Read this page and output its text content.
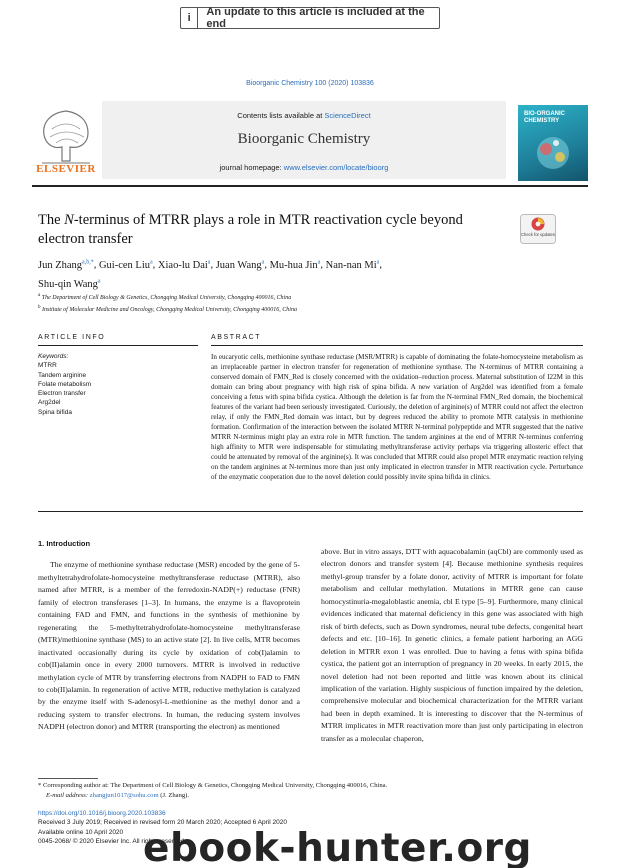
i	An update to this article is included at the end
Bioorganic Chemistry 100 (2020) 103836
ELSEVIER
Contents lists available at ScienceDirect
Bioorganic Chemistry
journal homepage: www.elsevier.com/locate/bioorg
BIO-ORGANIC CHEMISTRY
The N-terminus of MTRR plays a role in MTR reactivation cycle beyond electron transfer	Check for updates
Jun Zhang$^{a,b,*}$, Gui-cen Liu$^a$, Xiao-lu Dai$^a$, Juan Wang$^a$, Mu-hua Jin$^a$, Nan-nan Mi$^a$,
Shu-qin Wang$^a$
$^a$ The Department of Cell Biology & Genetics, Chongqing Medical University, Chongqing 400016, China
$^b$ Institute of Molecular Medicine and Oncology, Chongqing Medical University, Chongqing 400016, China
ARTICLE INFO	ABSTRACT
Keywords:
MTRR
Tandem arginine
Folate metabolism
Electron transfer
Arg2del
Spina bifida
In eucaryotic cells, methionine synthase reductase (MSR/MTRR) is capable of dominating the folate-homocysteine metabolism as an irreplaceable partner in electron transfer for regeneration of methionine synthase. The N-terminus of MTRR containing a conserved domain of FMN_Red is closely concerned with the oxidation–reduction process. Maternal substitution of I22M in this domain can bring about pregnancy with high risk of spina bifida. A new variation of Arg2del was identified from a female conceiving a fetus with spina bifida cystica. Although the deletion is far from the N-terminal FMN_Red domain, the biochemical features of the variant had been seriously investigated. Curiously, the deletion of arginine(s) of MTRR could not affect the electron relay, if only the FMN_Red domain was intact, but by degrees reduced the ability to promote MTR catalysis in methionine formation. Confirmation of the interaction between the isolated MTRR N-terminal polypeptide and MTR suggested that the native MTRR N-terminus might play an extra role in MTR function. The tandem arginines at the end of MTRR N-terminus conferring high affinity to MTR were indispensable for stimulating methyltransferase activity perhaps via triggering allosteric effect that could be attenuated by removal of the arginine(s). It was concluded that MTRR could also propel MTR enzymatic reaction relying on the tandem arginines at N-terminus more than just only implicated in electron transfer in MTR reactivation cycle. Perturbance of the enzymatic cooperation due to the novel deletion could possibly invite spina bifida in clinics.
1. Introduction
The enzyme of methionine synthase reductase (MSR) encoded by the gene of 5-methyltetrahydrofolate-homocysteine methyltransferase reductase (MTRR), also named after MTRR, is a member of the ferredoxin-NADP(+) reductase (FNR) family of electron transferases [1–3]. In humans, the enzyme is a flavoprotein containing FAD and FMN, and functions in the synthesis of methionine by regenerating the 5-methyltetrahydrofolate-homocysteine methyltransferase (MTR)/methionine synthase (MS) to an active state [2]. In live cells, MTR becomes inactivated occasionally during its cycle by oxidation of cob(I)alamin to cob(II)alamin once in every 2000 turnovers. MTRR is involved in reductive methylation cycle of MTR by transferring electrons from NADPH to FAD to FMN to cob(II)alamin. In regeneration of active MTR, reductive methylation is catalyzed by the enzyme itself with S-adenosyl-L-methionine as the methyl donor and a reducing system to transfer electrons. In human, the reducing system involves NADPH (electron donor) and MTRR (transporting the electron) as mentioned
above. But in vitro assays, DTT with aquacobalamin (aqCbl) are commonly used as electron donors and transfer system [4]. Because methionine synthesis requires methyl-group transfer by a folate donor, activity of MTRR is important for folate metabolism and cellular methylation. Mutations in MTRR gene can cause homocystinuria-megaloblastic anemia, cbl E type [5–9]. Furthermore, many clinical evidences indicated that maternal deficiency in this gene was associated with high risk of birth defects, such as Down syndromes, neural tube defects, congenital heart defects and etc. [10–16]. In genetic clinics, a female patient harboring an AGG deletion in MTRR exon 1 was enrolled. Due to having a fetus with spina bifida cystica, the patient got an interruption of pregnancy in 20 weeks. In early 2015, the novel deletion had not been reported and little was known about its clinical implication of the variation. Highly suspicious of function impaired by the deletion, comprehensive molecular and biochemical characterization for the MTRR variant had been in depth examined. It is interesting to discover that the N-terminus of MTRR implicates in MTR reactivation more than just only participating in electron transfer as a molecular chaperon,
* Corresponding author at: The Department of Cell Biology & Genetics, Chongqing Medical University, Chongqing 400016, China.
E-mail address: zhangjun1017@sohu.com (J. Zhang).
https://doi.org/10.1016/j.bioorg.2020.103836
Received 3 July 2019; Received in revised form 20 March 2020; Accepted 6 April 2020
Available online 10 April 2020
0045-2068/ © 2020 Elsevier Inc. All rights reserved.
ebook-hunter.org
